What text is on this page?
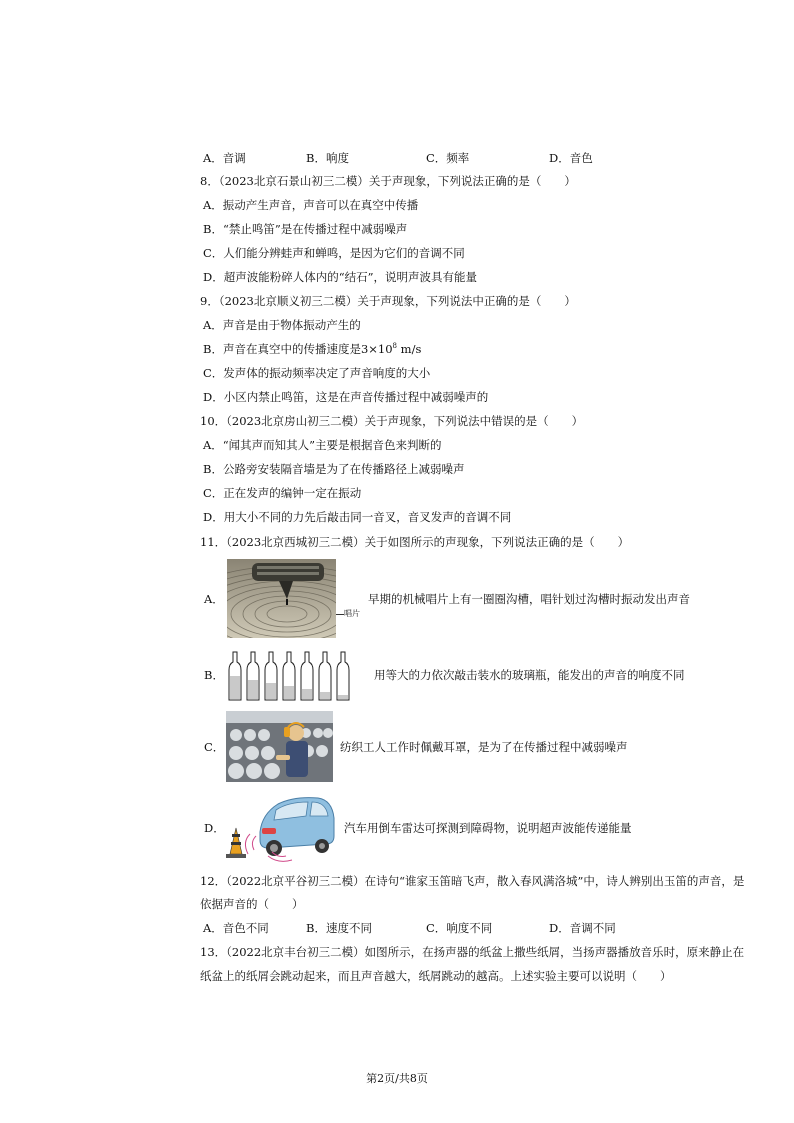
A．音调	B．响度	C．频率	D．音色
8．（2023北京石景山初三二模）关于声现象，下列说法正确的是（　　）
A．振动产生声音，声音可以在真空中传播
B．“禁止鸣笛”是在传播过程中减弱噪声
C．人们能分辨蛙声和蝉鸣，是因为它们的音调不同
D．超声波能粉碎人体内的“结石”，说明声波具有能量
9．（2023北京顺义初三二模）关于声现象，下列说法中正确的是（　　）
A．声音是由于物体振动产生的
B．声音在真空中的传播速度是$3\times 10^8$ m/s
C．发声体的振动频率决定了声音响度的大小
D．小区内禁止鸣笛，这是在声音传播过程中减弱噪声的
10．（2023北京房山初三二模）关于声现象，下列说法中错误的是（　　）
A．“闻其声而知其人”主要是根据音色来判断的
B．公路旁安装隔音墙是为了在传播路径上减弱噪声
C．正在发声的编钟一定在振动
D．用大小不同的力先后敲击同一音叉，音叉发声的音调不同
11．（2023北京西城初三二模）关于如图所示的声现象，下列说法正确的是（　　）
A．
唱片
早期的机械唱片上有一圈圈沟槽，唱针划过沟槽时振动发出声音
B．	用等大的力依次敲击装水的玻璃瓶，能发出的声音的响度不同
C．	纺织工人工作时佩戴耳罩，是为了在传播过程中减弱噪声
D．	汽车用倒车雷达可探测到障碍物，说明超声波能传递能量
12．（2022北京平谷初三二模）在诗句“谁家玉笛暗飞声，散入春风满洛城”中，诗人辨别出玉笛的声音，是
依据声音的（　　）
A．音色不同	B．速度不同	C．响度不同	D．音调不同
13．（2022北京丰台初三二模）如图所示，在扬声器的纸盆上撒些纸屑，当扬声器播放音乐时，原来静止在
纸盆上的纸屑会跳动起来，而且声音越大，纸屑跳动的越高。上述实验主要可以说明（　　）
第2页/共8页
